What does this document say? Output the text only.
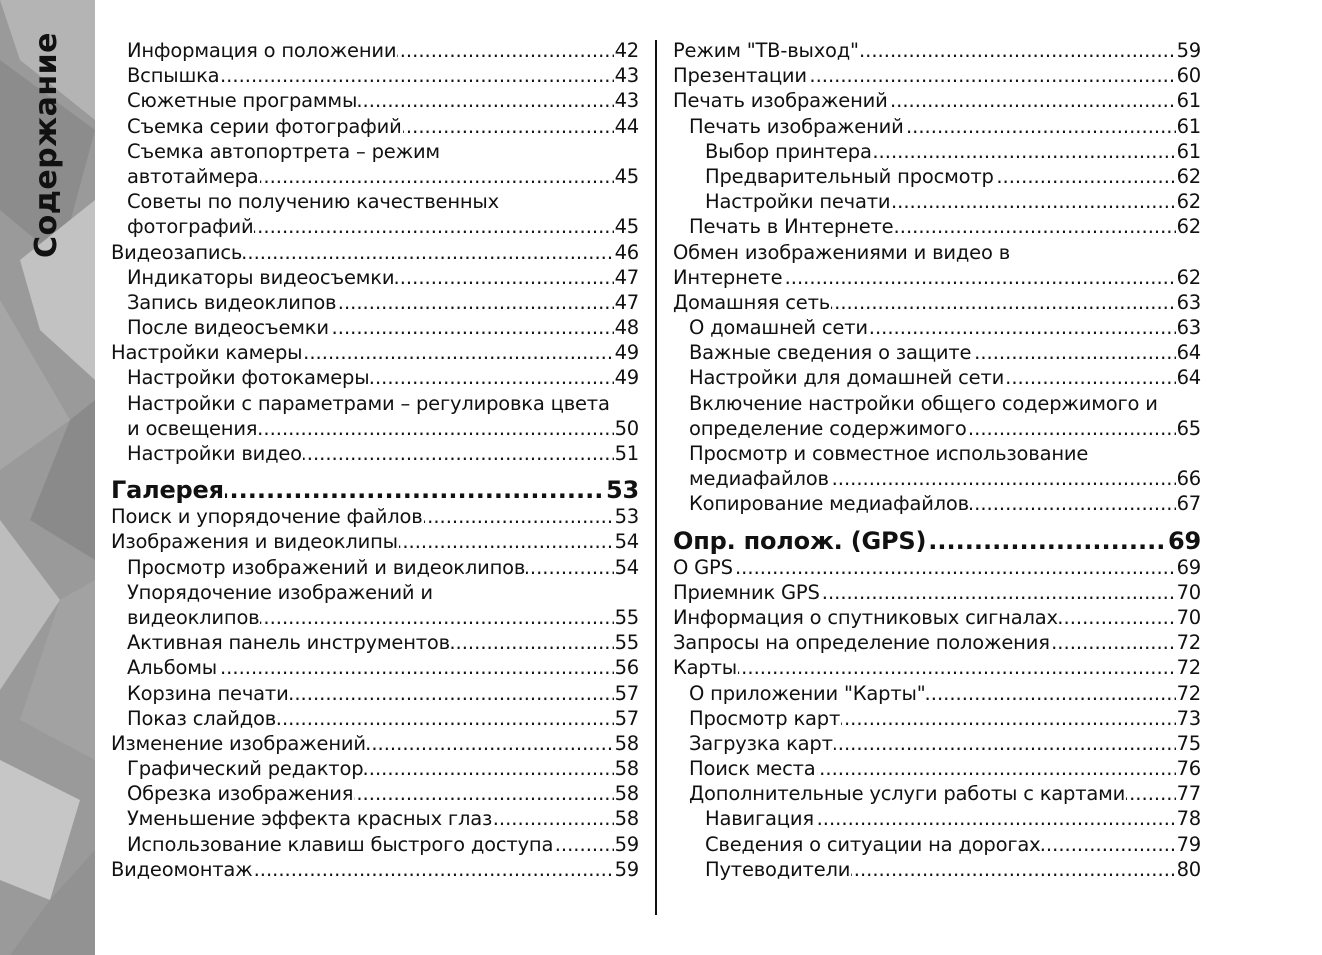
Содержание	Информация о положении	42
.....
Вспышка	43
.....
Сюжетные программы	43
.....
Съемка серии фотографий	44
.....
Съемка автопортрета – режим
автотаймера	45
.....
Советы по получению качественных
фотографий	45
.....
Видеозапись	46
.....
Индикаторы видеосъемки	47
.....
Запись видеоклипов	47
.....
После видеосъемки	48
.....
Настройки камеры	49
.....
Настройки фотокамеры	49
.....
Настройки с параметрами – регулировка цвета
и освещения	50
.....
Настройки видео	51
.....
Галерея	53
.....
Поиск и упорядочение файлов	53
.....
Изображения и видеоклипы	54
.....
Просмотр изображений и видеоклипов	54
.....
Упорядочение изображений и
видеоклипов	55
.....
Активная панель инструментов	55
.....
Альбомы	56
.....
Корзина печати	57
.....
Показ слайдов	57
.....
Изменение изображений	58
.....
Графический редактор	58
.....
Обрезка изображения	58
.....
Уменьшение эффекта красных глаз	58
.....
Использование клавиш быстрого доступа	59
.....
Видеомонтаж	59
.....
Режим "ТВ-выход"	59
.....
Презентации	60
.....
Печать изображений	61
.....
Печать изображений	61
.....
Выбор принтера	61
.....
Предварительный просмотр	62
.....
Настройки печати	62
.....
Печать в Интернете	62
.....
Обмен изображениями и видео в
Интернете	62
.....
Домашняя сеть	63
.....
О домашней сети	63
.....
Важные сведения о защите	64
.....
Настройки для домашней сети	64
.....
Включение настройки общего содержимого и
определение содержимого	65
.....
Просмотр и совместное использование
медиафайлов	66
.....
Копирование медиафайлов	67
.....
Опр. полож. (GPS)	69
.....
О GPS	69
.....
Приемник GPS	70
.....
Информация о спутниковых сигналах	70
.....
Запросы на определение положения	72
.....
Карты	72
.....
О приложении "Карты"	72
.....
Просмотр карт	73
.....
Загрузка карт	75
.....
Поиск места	76
.....
Дополнительные услуги работы с картами	77
.....
Навигация	78
.....
Сведения о ситуации на дорогах	79
.....
Путеводители	80
.....
